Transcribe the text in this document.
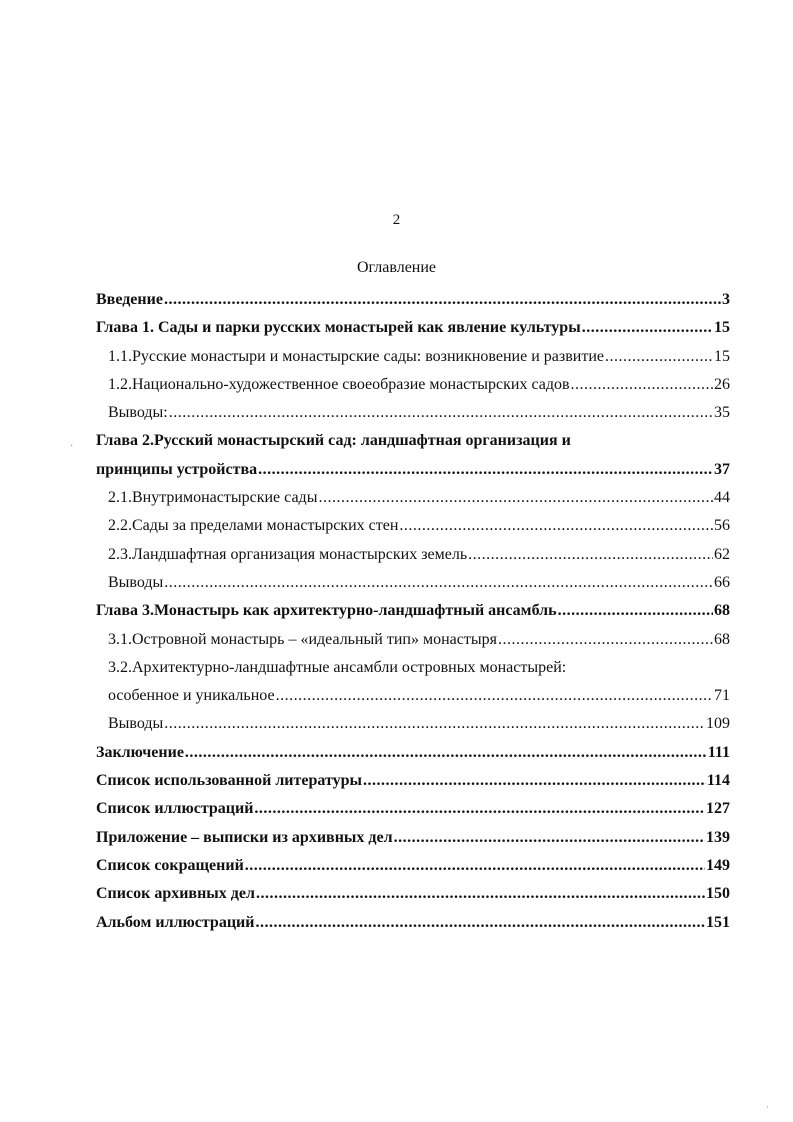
2
Оглавление
Введение .....	3
Глава 1. Сады и парки русских монастырей как явление культуры .....	15
1.1.Русские монастыри и монастырские сады: возникновение и развитие .....	15
1.2.Национально-художественное своеобразие монастырских садов .....	26
Выводы: .....	35
Глава 2.Русский монастырский сад: ландшафтная организация и
принципы устройства .....	37
2.1.Внутримонастырские сады .....	44
2.2.Сады за пределами монастырских стен .....	56
2.3.Ландшафтная организация монастырских земель .....	62
Выводы .....	66
Глава 3.Монастырь как архитектурно-ландшафтный ансамбль .....	68
3.1.Островной монастырь – «идеальный тип» монастыря .....	68
3.2.Архитектурно-ландшафтные ансамбли островных монастырей:
особенное и уникальное .....	71
Выводы .....	109
Заключение .....	111
Список использованной литературы .....	114
Список иллюстраций .....	127
Приложение – выписки из архивных дел .....	139
Список сокращений .....	149
Список архивных дел .....	150
Альбом иллюстраций .....	151
·
·
